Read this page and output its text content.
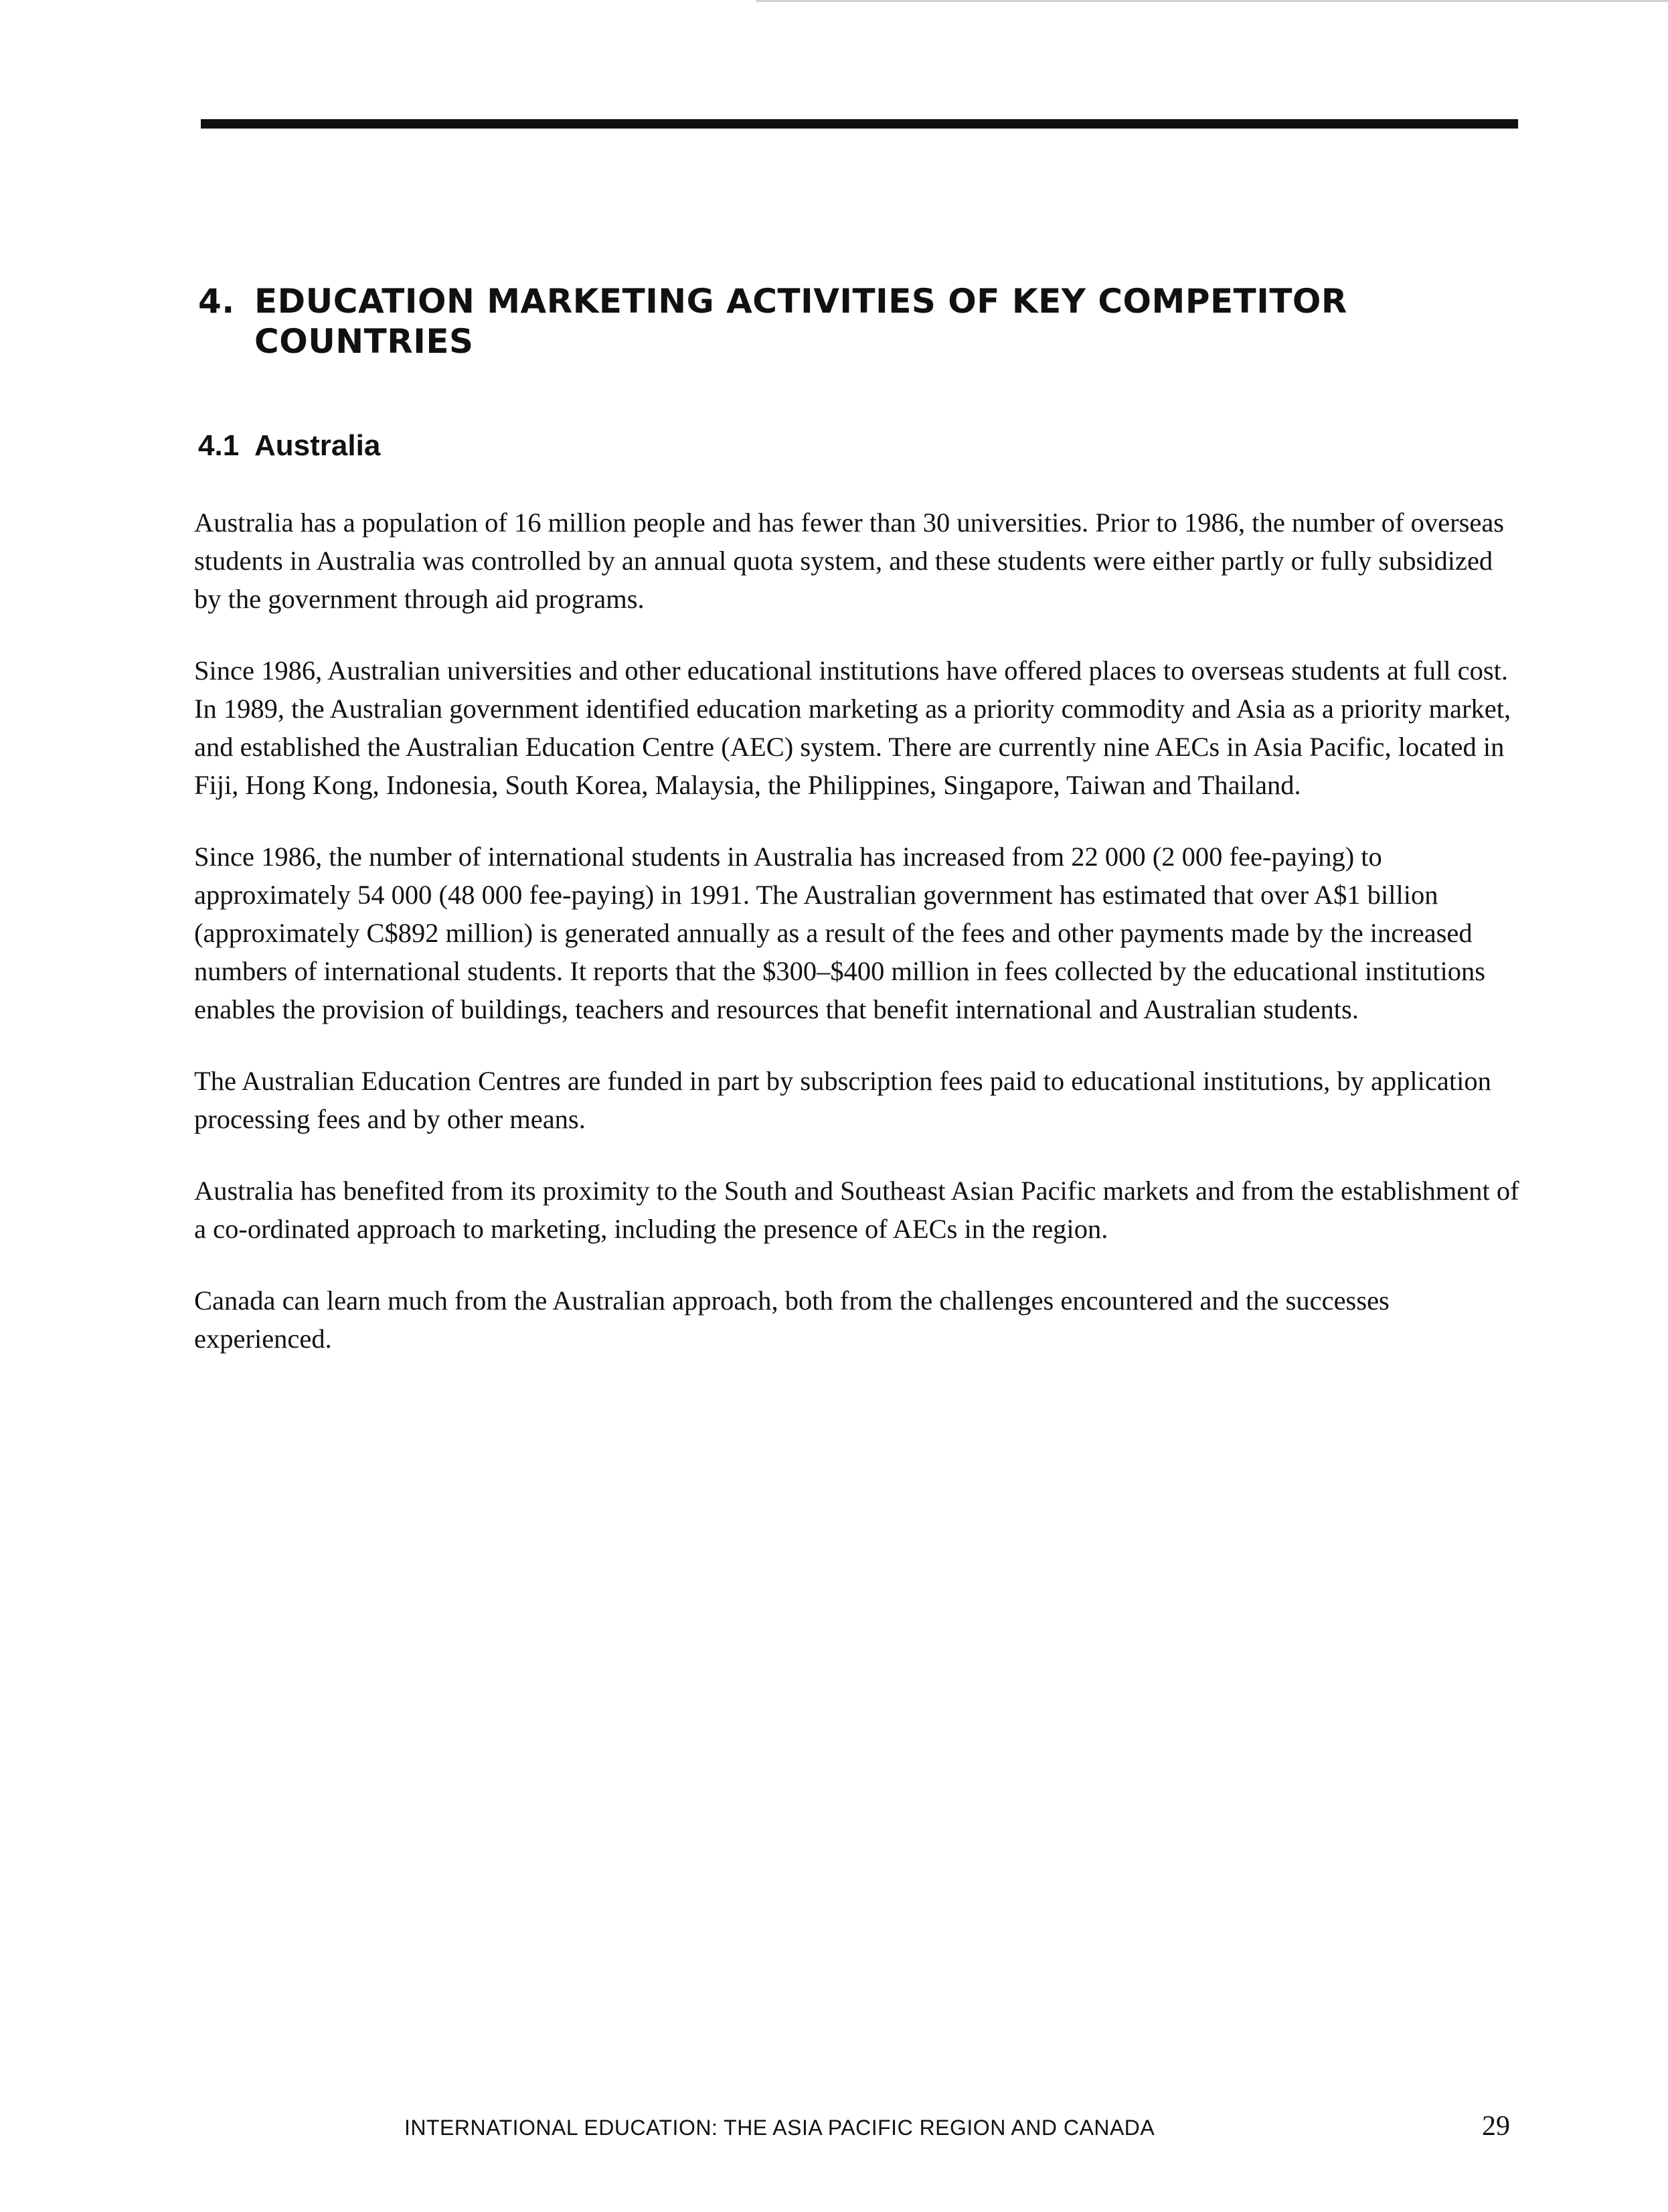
4. EDUCATION MARKETING ACTIVITIES OF KEY COMPETITOR
COUNTRIES
4.1 Australia

Australia has a population of 16 million people and has fewer than 30 universities. Prior to 1986, the number of overseas students in Australia was controlled by an annual quota system, and these students were either partly or fully subsidized by the government through aid programs.

Since 1986, Australian universities and other educational institutions have offered places to overseas students at full cost. In 1989, the Australian government identified education marketing as a priority commodity and Asia as a priority market, and established the Australian Education Centre (AEC) system. There are currently nine AECs in Asia Pacific, located in Fiji, Hong Kong, Indonesia, South Korea, Malaysia, the Philippines, Singapore, Taiwan and Thailand.

Since 1986, the number of international students in Australia has increased from 22 000 (2 000 fee-paying) to approximately 54 000 (48 000 fee-paying) in 1991. The Australian government has estimated that over A$1 billion (approximately C$892 million) is generated annually as a result of the fees and other payments made by the increased numbers of international students. It reports that the $300–$400 million in fees collected by the educational institutions enables the provision of buildings, teachers and resources that benefit international and Australian students.

The Australian Education Centres are funded in part by subscription fees paid to educational institutions, by application processing fees and by other means.

Australia has benefited from its proximity to the South and Southeast Asian Pacific markets and from the establishment of a co-ordinated approach to marketing, including the presence of AECs in the region.

Canada can learn much from the Australian approach, both from the challenges encountered and the successes experienced.

INTERNATIONAL EDUCATION: THE ASIA PACIFIC REGION AND CANADA	29
